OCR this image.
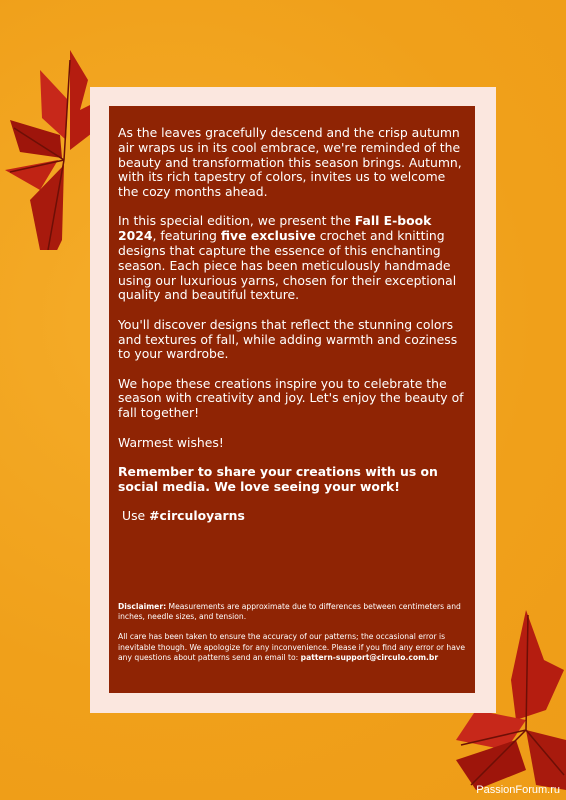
As the leaves gracefully descend and the crisp autumn air wraps us in its cool embrace, we're reminded of the beauty and transformation this season brings. Autumn, with its rich tapestry of colors, invites us to welcome the cozy months ahead.

In this special edition, we present the Fall E-book 2024, featuring five exclusive crochet and knitting designs that capture the essence of this enchanting season. Each piece has been meticulously handmade using our luxurious yarns, chosen for their exceptional quality and beautiful texture.

You'll discover designs that reflect the stunning colors and textures of fall, while adding warmth and coziness to your wardrobe.

We hope these creations inspire you to celebrate the season with creativity and joy. Let's enjoy the beauty of fall together!

Warmest wishes!

Remember to share your creations with us on social media. We love seeing your work!

Use #circuloyarns

Disclaimer: Measurements are approximate due to differences between centimeters and inches, needle sizes, and tension.

All care has been taken to ensure the accuracy of our patterns; the occasional error is inevitable though. We apologize for any inconvenience. Please if you find any error or have any questions about patterns send an email to: pattern-support@circulo.com.br

PassionForum.ru
